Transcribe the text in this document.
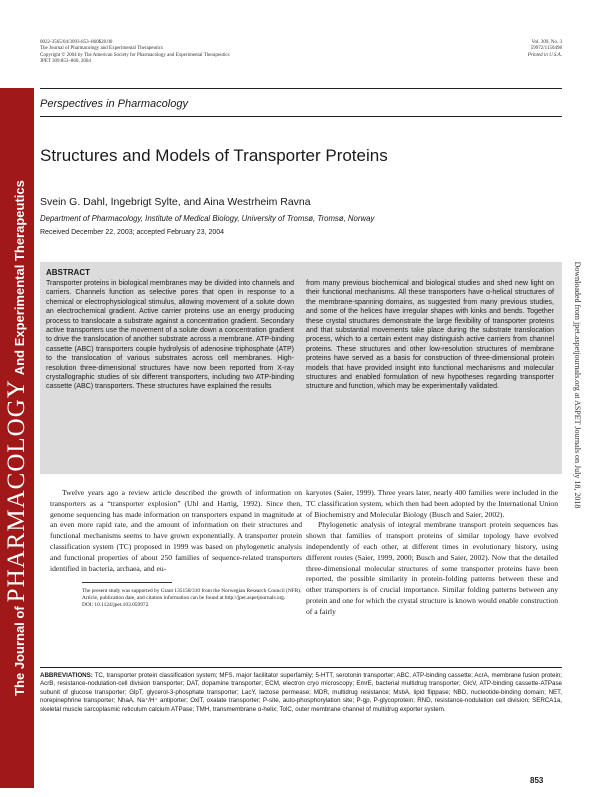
0022-3565/04/3093-853–860$20.00
The Journal of Pharmacology and Experimental Therapeutics
Copyright © 2004 by The American Society for Pharmacology and Experimental Therapeutics
JPET 309:853–860, 2004
Vol. 309, No. 3
59972/1150498
Printed in U.S.A.
The Journal of PHARMACOLOGY And Experimental Therapeutics
Perspectives in Pharmacology
Structures and Models of Transporter Proteins
Svein G. Dahl, Ingebrigt Sylte, and Aina Westrheim Ravna
Department of Pharmacology, Institute of Medical Biology, University of Tromsø, Tromsø, Norway
Received December 22, 2003; accepted February 23, 2004
ABSTRACT

Transporter proteins in biological membranes may be divided into channels and carriers. Channels function as selective pores that open in response to a chemical or electrophysiological stimulus, allowing movement of a solute down an electrochemical gradient. Active carrier proteins use an energy producing process to translocate a substrate against a concentration gradient. Secondary active transporters use the movement of a solute down a concentration gradient to drive the translocation of another substrate across a membrane. ATP-binding cassette (ABC) transporters couple hydrolysis of adenosine triphosphate (ATP) to the translocation of various substrates across cell membranes. High-resolution three-dimensional structures have now been reported from X-ray crystallographic studies of six different transporters, including two ATP-binding cassette (ABC) transporters. These structures have explained the results

from many previous biochemical and biological studies and shed new light on their functional mechanisms. All these transporters have α-helical structures of the membrane-spanning domains, as suggested from many previous studies, and some of the helices have irregular shapes with kinks and bends. Together these crystal structures demonstrate the large flexibility of transporter proteins and that substantial movements take place during the substrate translocation process, which to a certain extent may distinguish active carriers from channel proteins. These structures and other low-resolution structures of membrane proteins have served as a basis for construction of three-dimensional protein models that have provided insight into functional mechanisms and molecular structures and enabled formulation of new hypotheses regarding transporter structure and function, which may be experimentally validated.

Twelve years ago a review article described the growth of information on transporters as a “transporter explosion” (Uhl and Hartig, 1992). Since then, genome sequencing has made information on transporters expand in magnitude at an even more rapid rate, and the amount of information on their structures and functional mechanisms seems to have grown exponentially. A transporter protein classification system (TC) proposed in 1999 was based on phylogenetic analysis and functional properties of about 250 families of sequence-related transporters identified in bacteria, archaea, and eu-

karyotes (Saier, 1999). Three years later, nearly 400 families were included in the TC classification system, which then had been adopted by the International Union of Biochemistry and Molecular Biology (Busch and Saier, 2002).

Phylogenetic analysis of integral membrane transport protein sequences has shown that families of transport proteins of similar topology have evolved independently of each other, at different times in evolutionary history, using different routes (Saier, 1999, 2000; Busch and Saier, 2002). Now that the detailed three-dimensional molecular structures of some transporter proteins have been reported, the possible similarity in protein-folding patterns between these and other transporters is of crucial importance. Similar folding patterns between any protein and one for which the crystal structure is known would enable construction of a fairly

The present study was supported by Grant 135158/310 from the Norwegian Research Council (NFR).

Article, publication date, and citation information can be found at http://jpet.aspetjournals.org.

DOI: 10.1124/jpet.103.059972.

ABBREVIATIONS: TC, transporter protein classification system; MFS, major facilitator superfamily; 5-HTT, serotonin transporter; ABC, ATP-binding cassette; AcrA, membrane fusion protein; AcrB, resistance-nodulation-cell division transporter; DAT, dopamine transporter; ECM, electron cryo microscopy; EmrE, bacterial multidrug transporter; GlcV, ATP-binding cassette-ATPase subunit of glucose transporter; GlpT, glycerol-3-phosphate transporter; LacY, lactose permease; MDR, multidrug resistance; MsbA, lipid flippase; NBD, nucleotide-binding domain; NET, norepinephrine transporter; NhaA, Na⁺/H⁺ antiporter; OxlT, oxalate transporter; P-site, auto-phosphorylation site; P-gp, P-glycoprotein; RND, resistance-nodulation cell division; SERCA1a, skeletal muscle sarcoplasmic reticulum calcium ATPase; TMH, transmembrane α-helix; TolC, outer membrane channel of multidrug exporter system.

853
Downloaded from jpet.aspetjournals.org at ASPET Journals on July 18, 2018
